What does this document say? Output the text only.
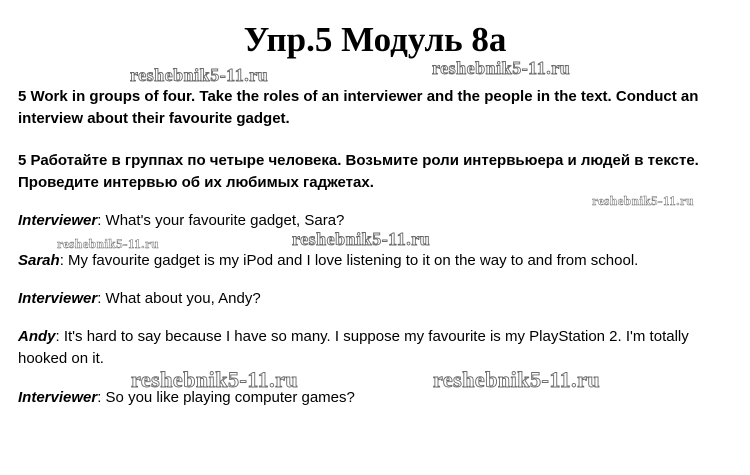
Упр.5 Модуль 8а
reshebnik5-11.ru	reshebnik5-11.ru
reshebnik5-11.ru
reshebnik5-11.ru	reshebnik5-11.ru
reshebnik5-11.ru	reshebnik5-11.ru
5 Work in groups of four. Take the roles of an interviewer and the people in the text. Conduct an
interview about their favourite gadget.
5 Работайте в группах по четыре человека. Возьмите роли интервьюера и людей в тексте.
Проведите интервью об их любимых гаджетах.
Interviewer: What's your favourite gadget, Sara?
Sarah: My favourite gadget is my iPod and I love listening to it on the way to and from school.
Interviewer: What about you, Andy?
Andy: It's hard to say because I have so many. I suppose my favourite is my PlayStation 2. I'm totally
hooked on it.
Interviewer: So you like playing computer games?
